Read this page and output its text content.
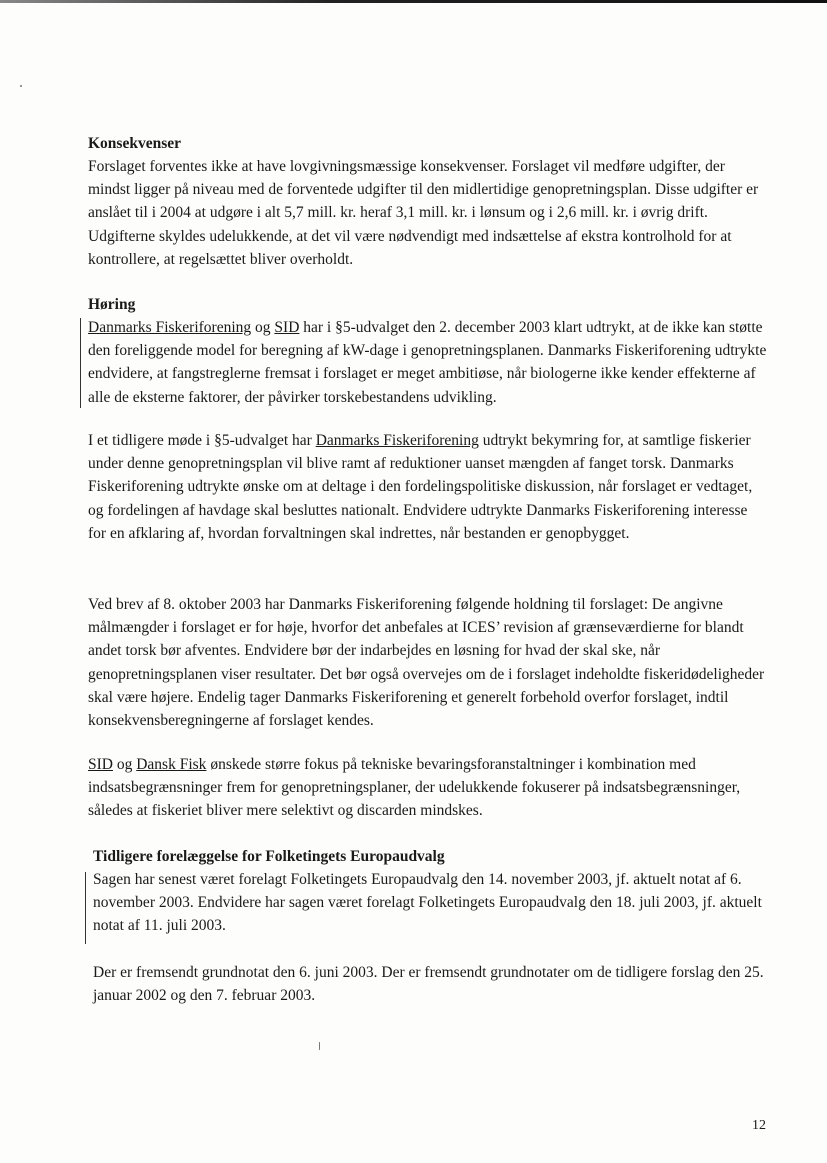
Konsekvenser

Forslaget forventes ikke at have lovgivningsmæssige konsekvenser. Forslaget vil medføre udgifter, der mindst ligger på niveau med de forventede udgifter til den midlertidige genopretningsplan. Disse udgifter er anslået til i 2004 at udgøre i alt 5,7 mill. kr. heraf 3,1 mill. kr. i lønsum og i 2,6 mill. kr. i øvrig drift. Udgifterne skyldes udelukkende, at det vil være nødvendigt med indsættelse af ekstra kontrolhold for at kontrollere, at regelsættet bliver overholdt.

Høring

Danmarks Fiskeriforening og SID har i §5-udvalget den 2. december 2003 klart udtrykt, at de ikke kan støtte den foreliggende model for beregning af kW-dage i genopretningsplanen. Danmarks Fiskeriforening udtrykte endvidere, at fangstreglerne fremsat i forslaget er meget ambitiøse, når biologerne ikke kender effekterne af alle de eksterne faktorer, der påvirker torskebestandens udvikling.

I et tidligere møde i §5-udvalget har Danmarks Fiskeriforening udtrykt bekymring for, at samtlige fiskerier under denne genopretningsplan vil blive ramt af reduktioner uanset mængden af fanget torsk. Danmarks Fiskeriforening udtrykte ønske om at deltage i den fordelingspolitiske diskussion, når forslaget er vedtaget, og fordelingen af havdage skal besluttes nationalt. Endvidere udtrykte Danmarks Fiskeriforening interesse for en afklaring af, hvordan forvaltningen skal indrettes, når bestanden er genopbygget.

Ved brev af 8. oktober 2003 har Danmarks Fiskeriforening følgende holdning til forslaget: De angivne målmængder i forslaget er for høje, hvorfor det anbefales at ICES’ revision af grænseværdierne for blandt andet torsk bør afventes. Endvidere bør der indarbejdes en løsning for hvad der skal ske, når genopretningsplanen viser resultater. Det bør også overvejes om de i forslaget indeholdte fiskeridødeligheder skal være højere. Endelig tager Danmarks Fiskeriforening et generelt forbehold overfor forslaget, indtil konsekvensberegningerne af forslaget kendes.

SID og Dansk Fisk ønskede større fokus på tekniske bevaringsforanstaltninger i kombination med indsatsbegrænsninger frem for genopretningsplaner, der udelukkende fokuserer på indsatsbegrænsninger, således at fiskeriet bliver mere selektivt og discarden mindskes.

Tidligere forelæggelse for Folketingets Europaudvalg

Sagen har senest været forelagt Folketingets Europaudvalg den 14. november 2003, jf. aktuelt notat af 6. november 2003. Endvidere har sagen været forelagt Folketingets Europaudvalg den 18. juli 2003, jf. aktuelt notat af 11. juli 2003.

Der er fremsendt grundnotat den 6. juni 2003. Der er fremsendt grundnotater om de tidligere forslag den 25. januar 2002 og den 7. februar 2003.

12
